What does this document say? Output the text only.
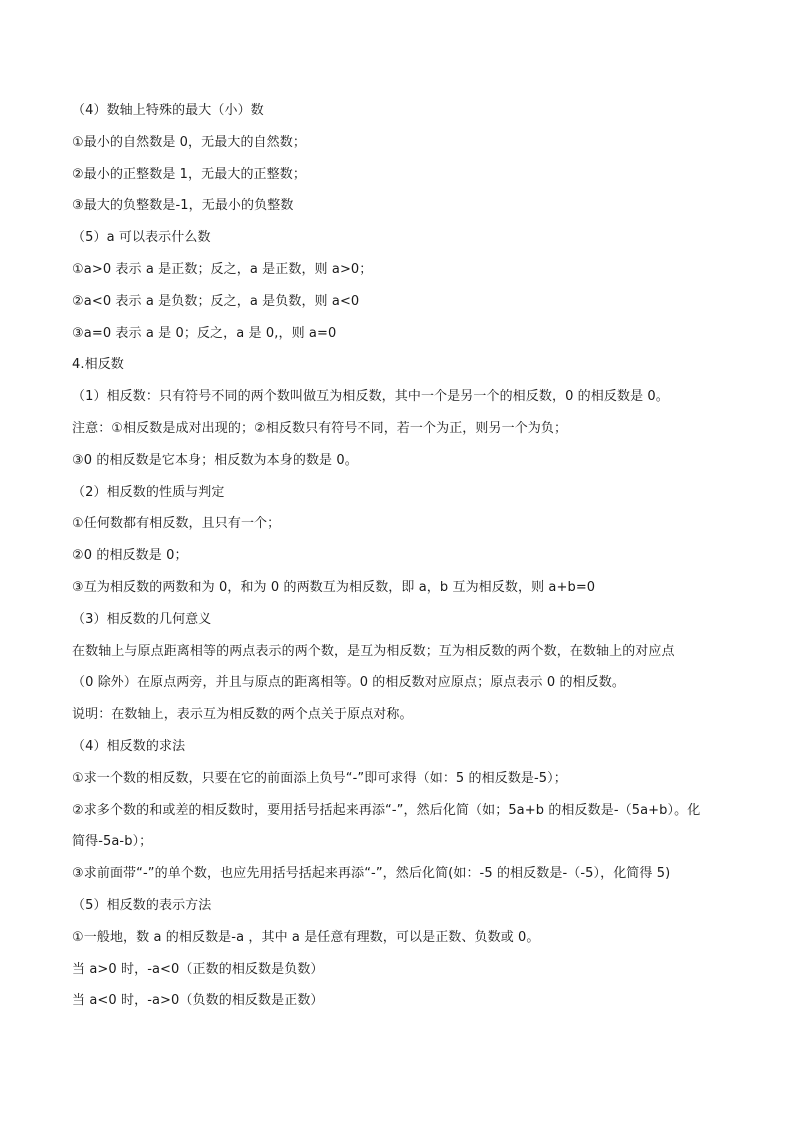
（4）数轴上特殊的最大（小）数
①最小的自然数是 0，无最大的自然数；
②最小的正整数是 1，无最大的正整数；
③最大的负整数是-1，无最小的负整数
（5）a 可以表示什么数
①a>0 表示 a 是正数；反之，a 是正数，则 a>0；
②a<0 表示 a 是负数；反之，a 是负数，则 a<0
③a=0 表示 a 是 0；反之，a 是 0,，则 a=0
4.相反数
（1）相反数：只有符号不同的两个数叫做互为相反数，其中一个是另一个的相反数，0 的相反数是 0。
注意：①相反数是成对出现的；②相反数只有符号不同，若一个为正，则另一个为负；
③0 的相反数是它本身；相反数为本身的数是 0。
（2）相反数的性质与判定
①任何数都有相反数，且只有一个；
②0 的相反数是 0；
③互为相反数的两数和为 0，和为 0 的两数互为相反数，即 a，b 互为相反数，则 a+b=0
（3）相反数的几何意义
在数轴上与原点距离相等的两点表示的两个数，是互为相反数；互为相反数的两个数，在数轴上的对应点
（0 除外）在原点两旁，并且与原点的距离相等。0 的相反数对应原点；原点表示 0 的相反数。
说明：在数轴上，表示互为相反数的两个点关于原点对称。
（4）相反数的求法
①求一个数的相反数，只要在它的前面添上负号“-”即可求得（如：5 的相反数是-5）；
②求多个数的和或差的相反数时，要用括号括起来再添“-”，然后化简（如；5a+b 的相反数是-（5a+b）。化
简得-5a-b）；
③求前面带“-”的单个数，也应先用括号括起来再添“-”，然后化简(如：-5 的相反数是-（-5），化简得 5)
（5）相反数的表示方法
①一般地，数 a 的相反数是-a ，其中 a 是任意有理数，可以是正数、负数或 0。
当 a>0 时，-a<0（正数的相反数是负数）
当 a<0 时，-a>0（负数的相反数是正数）
